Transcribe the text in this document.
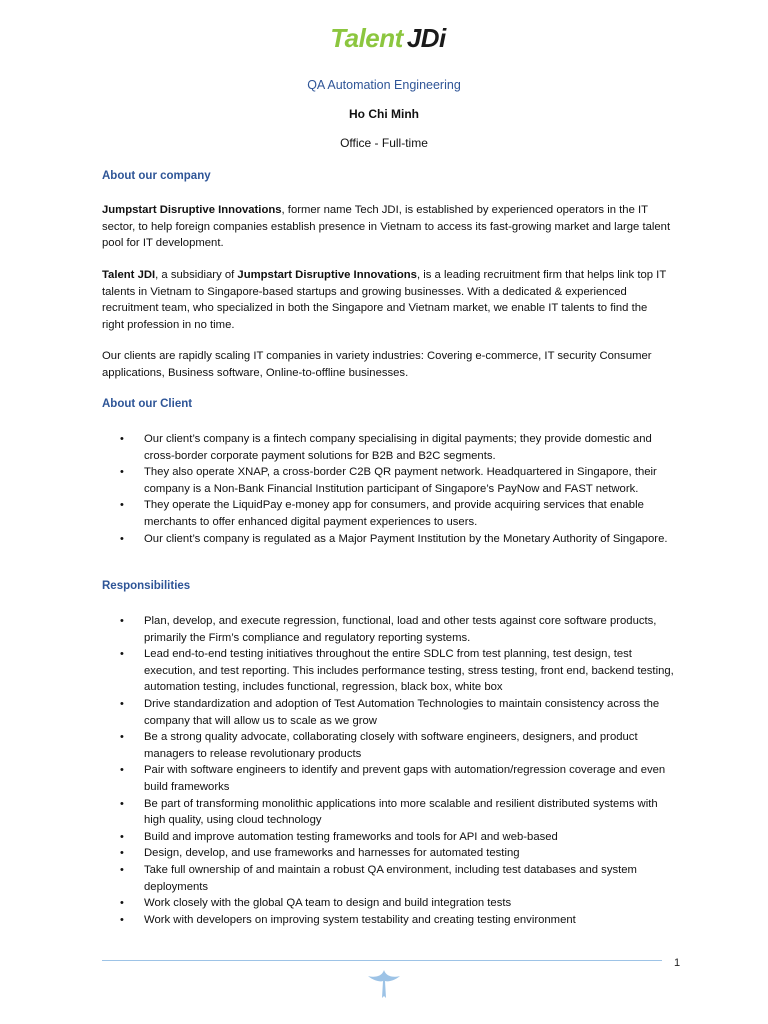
Talent JDi
QA Automation Engineering
Ho Chi Minh
Office - Full-time
About our company
Jumpstart Disruptive Innovations, former name Tech JDI, is established by experienced operators in the IT sector, to help foreign companies establish presence in Vietnam to access its fast-growing market and large talent pool for IT development.
Talent JDI, a subsidiary of Jumpstart Disruptive Innovations, is a leading recruitment firm that helps link top IT talents in Vietnam to Singapore-based startups and growing businesses. With a dedicated & experienced recruitment team, who specialized in both the Singapore and Vietnam market, we enable IT talents to find the right profession in no time.
Our clients are rapidly scaling IT companies in variety industries: Covering e-commerce, IT security Consumer applications, Business software, Online-to-offline businesses.
About our Client
• Our client’s company is a fintech company specialising in digital payments; they provide domestic and cross-border corporate payment solutions for B2B and B2C segments.
• They also operate XNAP, a cross-border C2B QR payment network. Headquartered in Singapore, their company is a Non-Bank Financial Institution participant of Singapore’s PayNow and FAST network.
• They operate the LiquidPay e-money app for consumers, and provide acquiring services that enable merchants to offer enhanced digital payment experiences to users.
• Our client’s company is regulated as a Major Payment Institution by the Monetary Authority of Singapore.
Responsibilities
• Plan, develop, and execute regression, functional, load and other tests against core software products, primarily the Firm’s compliance and regulatory reporting systems.
• Lead end-to-end testing initiatives throughout the entire SDLC from test planning, test design, test execution, and test reporting. This includes performance testing, stress testing, front end, backend testing, automation testing, includes functional, regression, black box, white box
• Drive standardization and adoption of Test Automation Technologies to maintain consistency across the company that will allow us to scale as we grow
• Be a strong quality advocate, collaborating closely with software engineers, designers, and product managers to release revolutionary products
• Pair with software engineers to identify and prevent gaps with automation/regression coverage and even build frameworks
• Be part of transforming monolithic applications into more scalable and resilient distributed systems with high quality, using cloud technology
• Build and improve automation testing frameworks and tools for API and web-based
• Design, develop, and use frameworks and harnesses for automated testing
• Take full ownership of and maintain a robust QA environment, including test databases and system deployments
• Work closely with the global QA team to design and build integration tests
• Work with developers on improving system testability and creating testing environment
1
